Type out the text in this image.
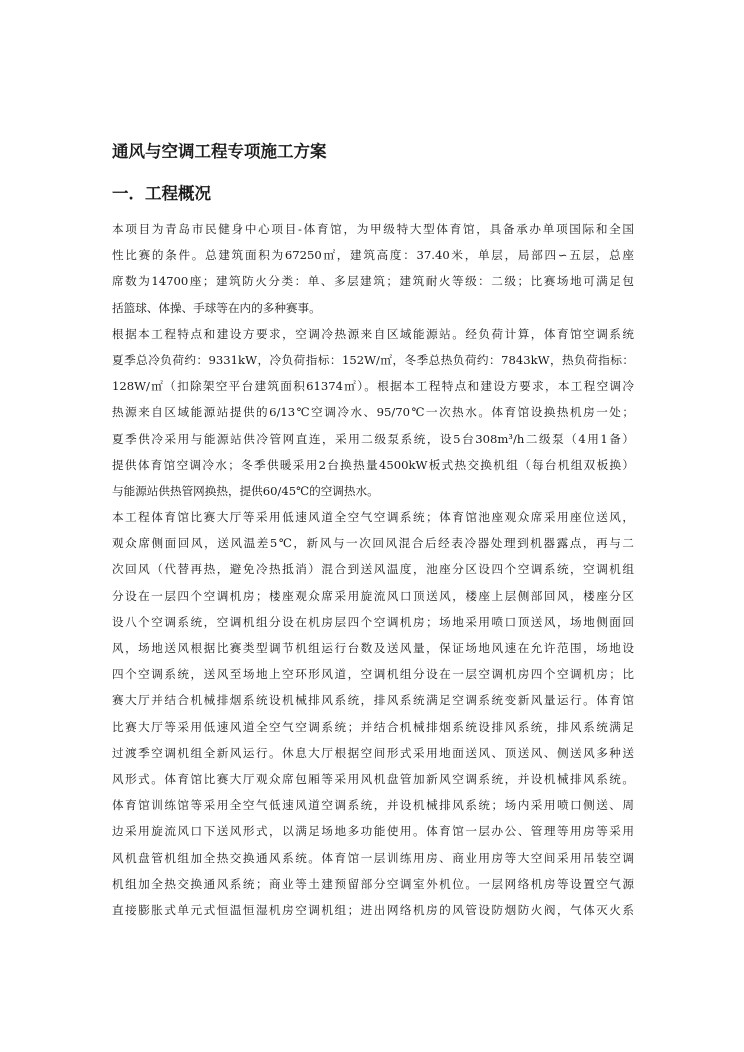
通风与空调工程专项施工方案
一．工程概况
本项目为青岛市民健身中心项目-体育馆，为甲级特大型体育馆，具备承办单项国际和全国
性比赛的条件。总建筑面积为67250㎡，建筑高度：37.40米，单层，局部四∽五层，总座
席数为14700座；建筑防火分类：单、多层建筑；建筑耐火等级：二级；比赛场地可满足包
括篮球、体操、手球等在内的多种赛事。
根据本工程特点和建设方要求，空调冷热源来自区域能源站。经负荷计算，体育馆空调系统
夏季总冷负荷约：9331kW，冷负荷指标：152W/㎡，冬季总热负荷约：7843kW，热负荷指标：
128W/㎡（扣除架空平台建筑面积61374㎡）。根据本工程特点和建设方要求，本工程空调冷
热源来自区域能源站提供的6/13℃空调冷水、95/70℃一次热水。体育馆设换热机房一处；
夏季供冷采用与能源站供冷管网直连，采用二级泵系统，设5台308m³/h二级泵（4用1备）
提供体育馆空调冷水；冬季供暖采用2台换热量4500kW板式热交换机组（每台机组双板换）
与能源站供热管网换热，提供60/45℃的空调热水。
本工程体育馆比赛大厅等采用低速风道全空气空调系统；体育馆池座观众席采用座位送风，
观众席侧面回风，送风温差5℃，新风与一次回风混合后经表冷器处理到机器露点，再与二
次回风（代替再热，避免冷热抵消）混合到送风温度，池座分区设四个空调系统，空调机组
分设在一层四个空调机房；楼座观众席采用旋流风口顶送风，楼座上层侧部回风，楼座分区
设八个空调系统，空调机组分设在机房层四个空调机房；场地采用喷口顶送风，场地侧面回
风，场地送风根据比赛类型调节机组运行台数及送风量，保证场地风速在允许范围，场地设
四个空调系统，送风至场地上空环形风道，空调机组分设在一层空调机房四个空调机房；比
赛大厅并结合机械排烟系统设机械排风系统，排风系统满足空调系统变新风量运行。体育馆
比赛大厅等采用低速风道全空气空调系统；并结合机械排烟系统设排风系统，排风系统满足
过渡季空调机组全新风运行。休息大厅根据空间形式采用地面送风、顶送风、侧送风多种送
风形式。体育馆比赛大厅观众席包厢等采用风机盘管加新风空调系统，并设机械排风系统。
体育馆训练馆等采用全空气低速风道空调系统，并设机械排风系统；场内采用喷口侧送、周
边采用旋流风口下送风形式，以满足场地多功能使用。体育馆一层办公、管理等用房等采用
风机盘管机组加全热交换通风系统。体育馆一层训练用房、商业用房等大空间采用吊装空调
机组加全热交换通风系统；商业等土建预留部分空调室外机位。一层网络机房等设置空气源
直接膨胀式单元式恒温恒湿机房空调机组；进出网络机房的风管设防烟防火阀，气体灭火系
